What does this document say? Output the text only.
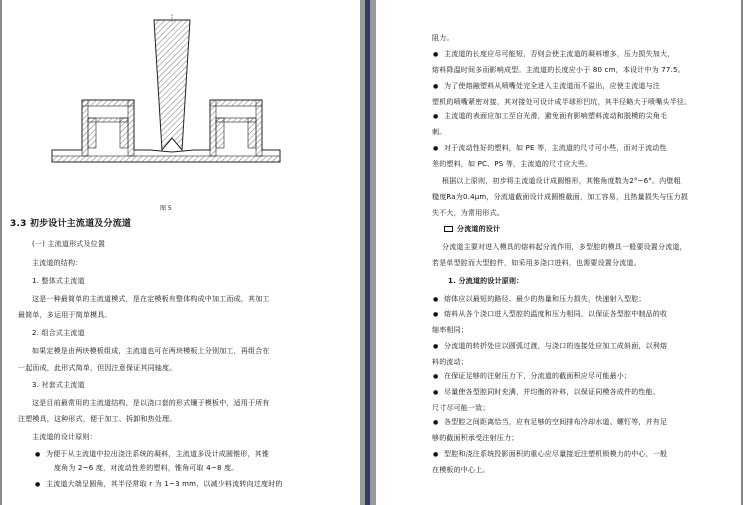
图 5
3.3 初步设计主流道及分流道
(一) 主流道形式及位置
主流道的结构：
1. 整体式主流道
这是一种最简单的主流道模式，是在定模板有整体构成中加工而成，其加工
最简单，多运用于简单模具。
2. 组合式主流道
如果定模是由两块模板组成，主流道也可在两块模板上分别加工，再组合在
一起而成，此形式简单，但因注意保证其同轴度。
3. 衬套式主流道
这是目前最常用的主流道结构，是以浇口套的形式镶于模板中，适用于所有
注塑模具，这种形式，便于加工、拆卸和热处理。
主流道的设计原则：
● 为便于从主流道中拉出浇注系统的凝料，主流道多设计成圆锥形，其锥
度角为 2~6 度，对流动性差的塑料，锥角可取 4~8 度。
● 主流道大端呈圆角，其半径常取 r 为 1~3 mm，以减少料流转向过度时的
阻力。
● 主流道的长度应尽可能短，否则会使主流道的凝料增多，压力损失加大，
熔料降温时间多而影响成型。主流道的长度应小于 80 cm，本设计中为 77.5。
● 为了使熔融塑料从喷嘴处完全进入主流道而不溢出，应使主流道与注
塑机的喷嘴紧密对接，其对接处可设计成半球形凹坑，其半径略大于喷嘴头半径。
● 主流道的表面应加工至自光滑，避免面有影响塑料流动和脱模的尖角毛
刺。
● 对于流动性好的塑料，如 PE 等，主流道的尺寸可小些，而对于流动性
差的塑料，如 PC、PS 等，主流道的尺寸应大些。
根据以上原则，初步将主流道设计成圆锥形，其锥角度数为2°~6°。内壁粗
糙度Ra为0.4μm，分流道截面设计成圆锥截面，加工容易，且热量损失与压力损
失不大，为常用形式。
分流道的设计
分流道主要对进入模具的熔料起分流作用，多型腔的模具一般要设置分流道，
若是单型腔而大型腔件，如采用多浇口进料，也需要设置分流道。
1. 分流道的设计原则：
● 熔体应以最短的路径、最少的热量和压力损失，快速射入型腔；
● 熔料从各个浇口进入型腔的温度和压力相同，以保证各型腔中制品的收
缩率相同；
● 分流道的转折处应以圆弧过渡，与浇口的连接处应加工成斜面，以利熔
料的流动；
● 在保证足够的注射压力下，分流道的截面积应尽可能最小；
● 尽量使各型腔同时充满，并均衡的补料，以保证同模各成件的性能、
尺寸尽可能一致；
● 各型腔之间距离恰当，应有足够的空间排布冷却水道、螺钉等，并有足
够的截面积承受注射压力；
● 型腔和浇注系统投影面积的重心应尽量接近注塑机锁模力的中心，一般
在模板的中心上。
